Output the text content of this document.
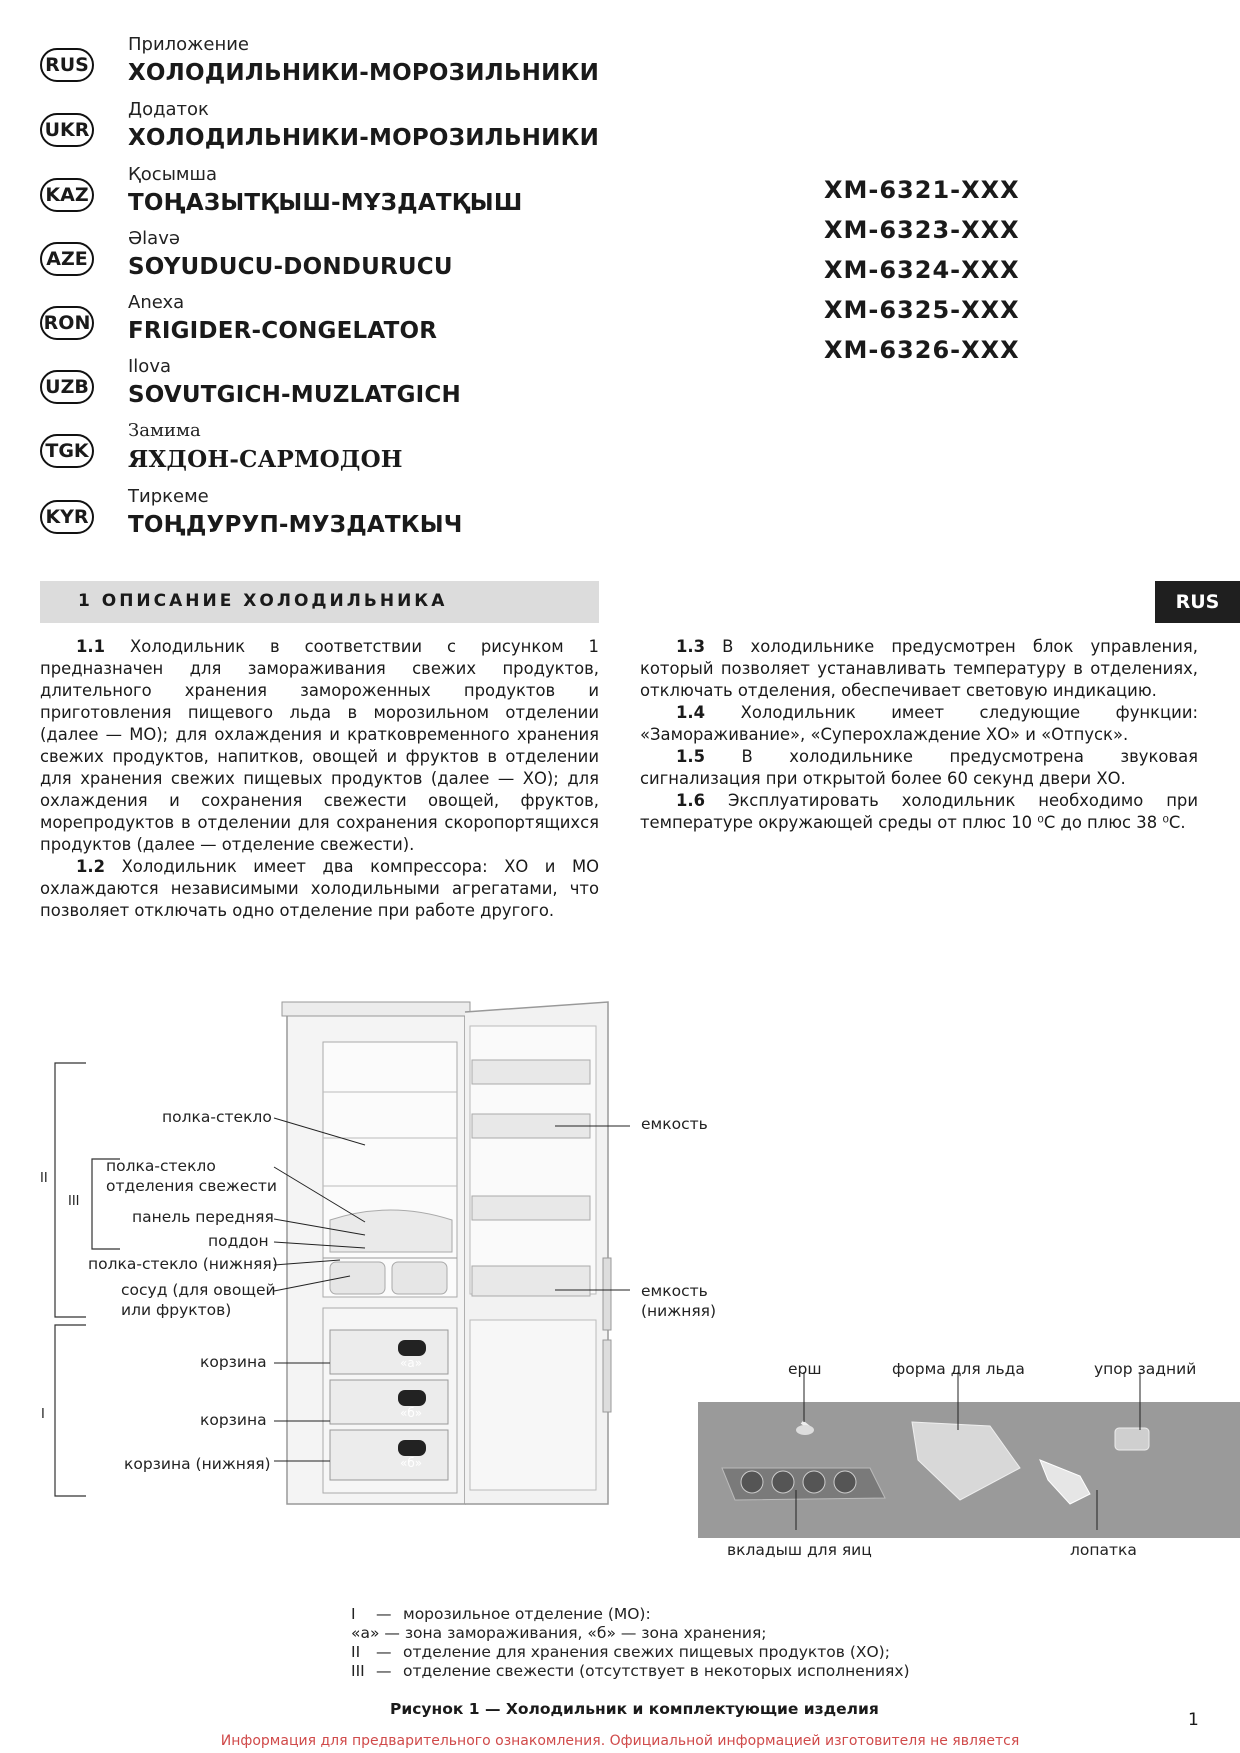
RUS
Приложение
ХОЛОДИЛЬНИКИ-МОРОЗИЛЬНИКИ
UKR
Додаток
ХОЛОДИЛЬНИКИ-МОРОЗИЛЬНИКИ
KAZ
Қосымша
ТОҢАЗЫТҚЫШ-МҰЗДАТҚЫШ
AZE
Əlavə
SOYUDUCU-DONDURUCU
RON
Anexa
FRIGIDER-CONGELATOR
UZB
Ilova
SOVUTGICH-MUZLATGICH
TGK
Замима
ЯХДОН-САРМОДОН
KYR
Тиркеме
ТОҢДУРУП-МУЗДАТКЫЧ
ХМ-6321-ХХХ
ХМ-6323-ХХХ
ХМ-6324-ХХХ
ХМ-6325-ХХХ
ХМ-6326-ХХХ
1 ОПИСАНИЕ ХОЛОДИЛЬНИКА	RUS

1.1 Холодильник в соответствии с рисунком 1 предназначен для замораживания свежих продуктов, длительного хранения замороженных продуктов и приготовления пищевого льда в морозильном отделении (далее — МО); для охлаждения и кратковременного хранения свежих продуктов, напитков, овощей и фруктов в отделении для хранения свежих пищевых продуктов (далее — ХО); для охлаждения и сохранения свежести овощей, фруктов, морепродуктов в отделении для сохранения скоропортящихся продуктов (далее — отделение свежести).

1.2 Холодильник имеет два компрессора: ХО и МО охлаждаются независимыми холодильными агрегатами, что позволяет отключать одно отделение при работе другого.

1.3 В холодильнике предусмотрен блок управления, который позволяет устанавливать температуру в отделениях, отключать отделения, обеспечивает световую индикацию.

1.4 Холодильник имеет следующие функции: «Замораживание», «Суперохлаждение ХО» и «Отпуск».

1.5 В холодильнике предусмотрена звуковая сигнализация при открытой более 60 секунд двери ХО.

1.6 Эксплуатировать холодильник необходимо при температуре окружающей среды от плюс 10 ⁰С до плюс 38 ⁰С.

полка-стекло
полка-стекло
отделения свежести
панель передняя
поддон
полка-стекло (нижняя)
сосуд (для овощей
или фруктов)
корзина
корзина
корзина (нижняя)
II
III
I
«а»
«б»
«б»
емкость
емкость
(нижняя)
ерш	форма для льда	упор задний
вкладыш для яиц	лопатка
I — морозильное отделение (МО):
«а» — зона замораживания, «б» — зона хранения;
II — отделение для хранения свежих пищевых продуктов (ХО);
III — отделение свежести (отсутствует в некоторых исполнениях)
Рисунок 1 — Холодильник и комплектующие изделия
1
Информация для предварительного ознакомления. Официальной информацией изготовителя не является
